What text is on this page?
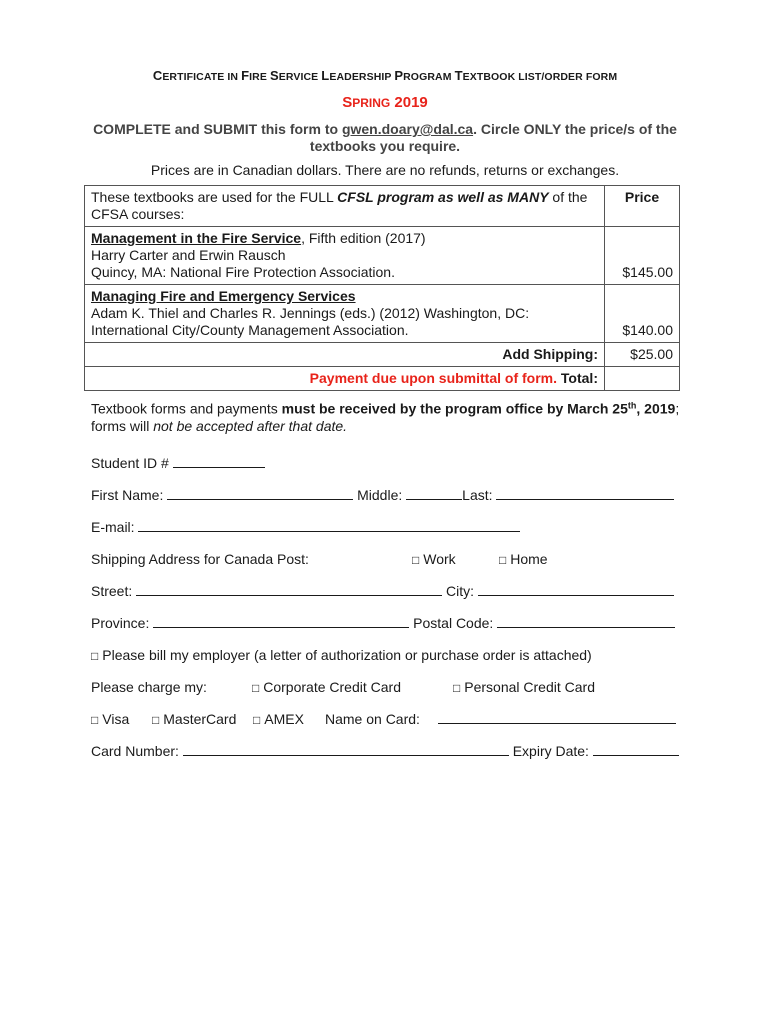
CERTIFICATE IN FIRE SERVICE LEADERSHIP PROGRAM TEXTBOOK LIST/ORDER FORM
SPRING 2019
COMPLETE and SUBMIT this form to gwen.doary@dal.ca. Circle ONLY the price/s of the textbooks you require.
Prices are in Canadian dollars. There are no refunds, returns or exchanges.
These textbooks are used for the FULL CFSL program as well as MANY of the CFSA courses:	Price
Management in the Fire Service, Fifth edition (2017)
Harry Carter and Erwin Rausch
Quincy, MA: National Fire Protection Association.	$145.00
Managing Fire and Emergency Services
Adam K. Thiel and Charles R. Jennings (eds.) (2012) Washington, DC:
International City/County Management Association.	$140.00
Add Shipping:	$25.00
Payment due upon submittal of form. Total:	
Textbook forms and payments must be received by the program office by March 25th, 2019; forms will not be accepted after that date.
Student ID #
First Name:	Middle:	Last:
E-mail:
Shipping Address for Canada Post:	□ Work	□ Home
Street:	City:
Province:	Postal Code:
□ Please bill my employer (a letter of authorization or purchase order is attached)
Please charge my:	□ Corporate Credit Card	□ Personal Credit Card
□ Visa □ MasterCard □ AMEX Name on Card:
Card Number:	Expiry Date:
